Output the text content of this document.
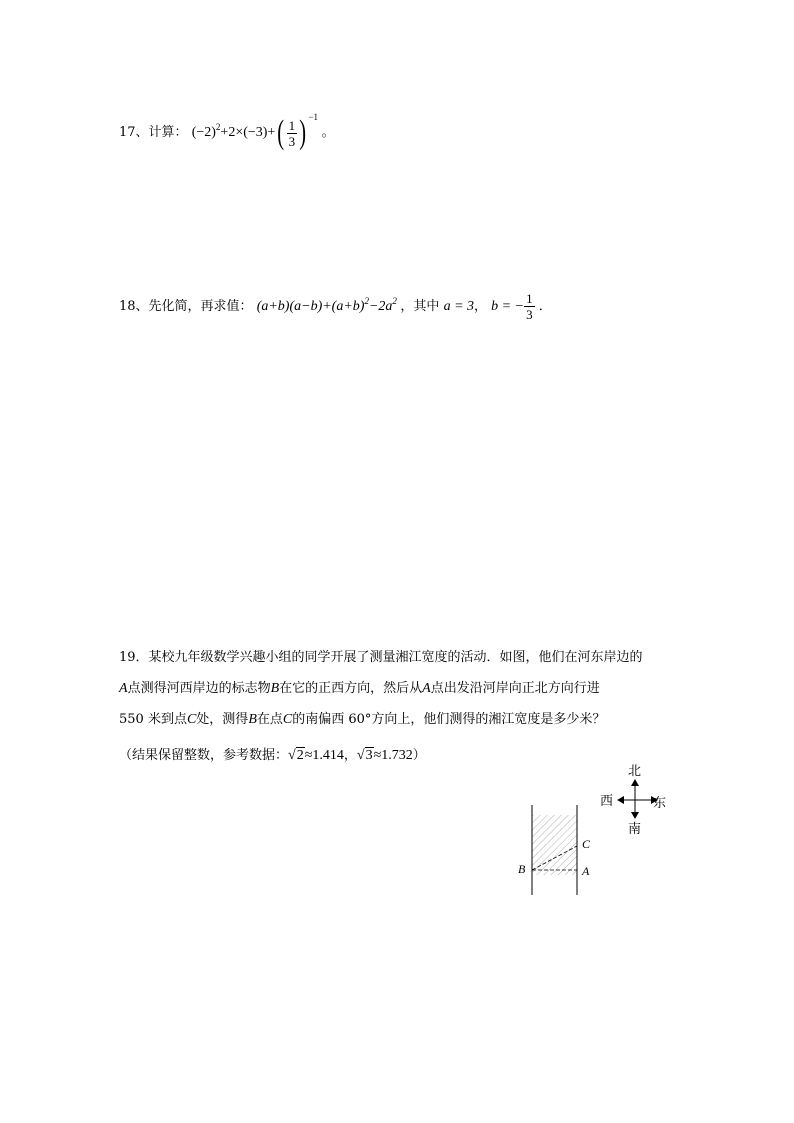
17、计算： $(-2)^2+2\times(-3)+( \frac{1}{3}$ ) $^{-1}$ 。
18、先化简，再求值： $(a+b)(a-b)+(a+b)^2-2a^2$ ，其中 a = 3， b = − $\frac{1}{3}$ ．
19．某校九年级数学兴趣小组的同学开展了测量湘江宽度的活动．如图，他们在河东岸边的
A点测得河西岸边的标志物B在它的正西方向，然后从A点出发沿河岸向正北方向行进
550 米到点C处，测得B在点C的南偏西 60°方向上，他们测得的湘江宽度是多少米？
（结果保留整数，参考数据：√2≈1.414，√3≈1.732）
北
南
西	东
B	A
C
